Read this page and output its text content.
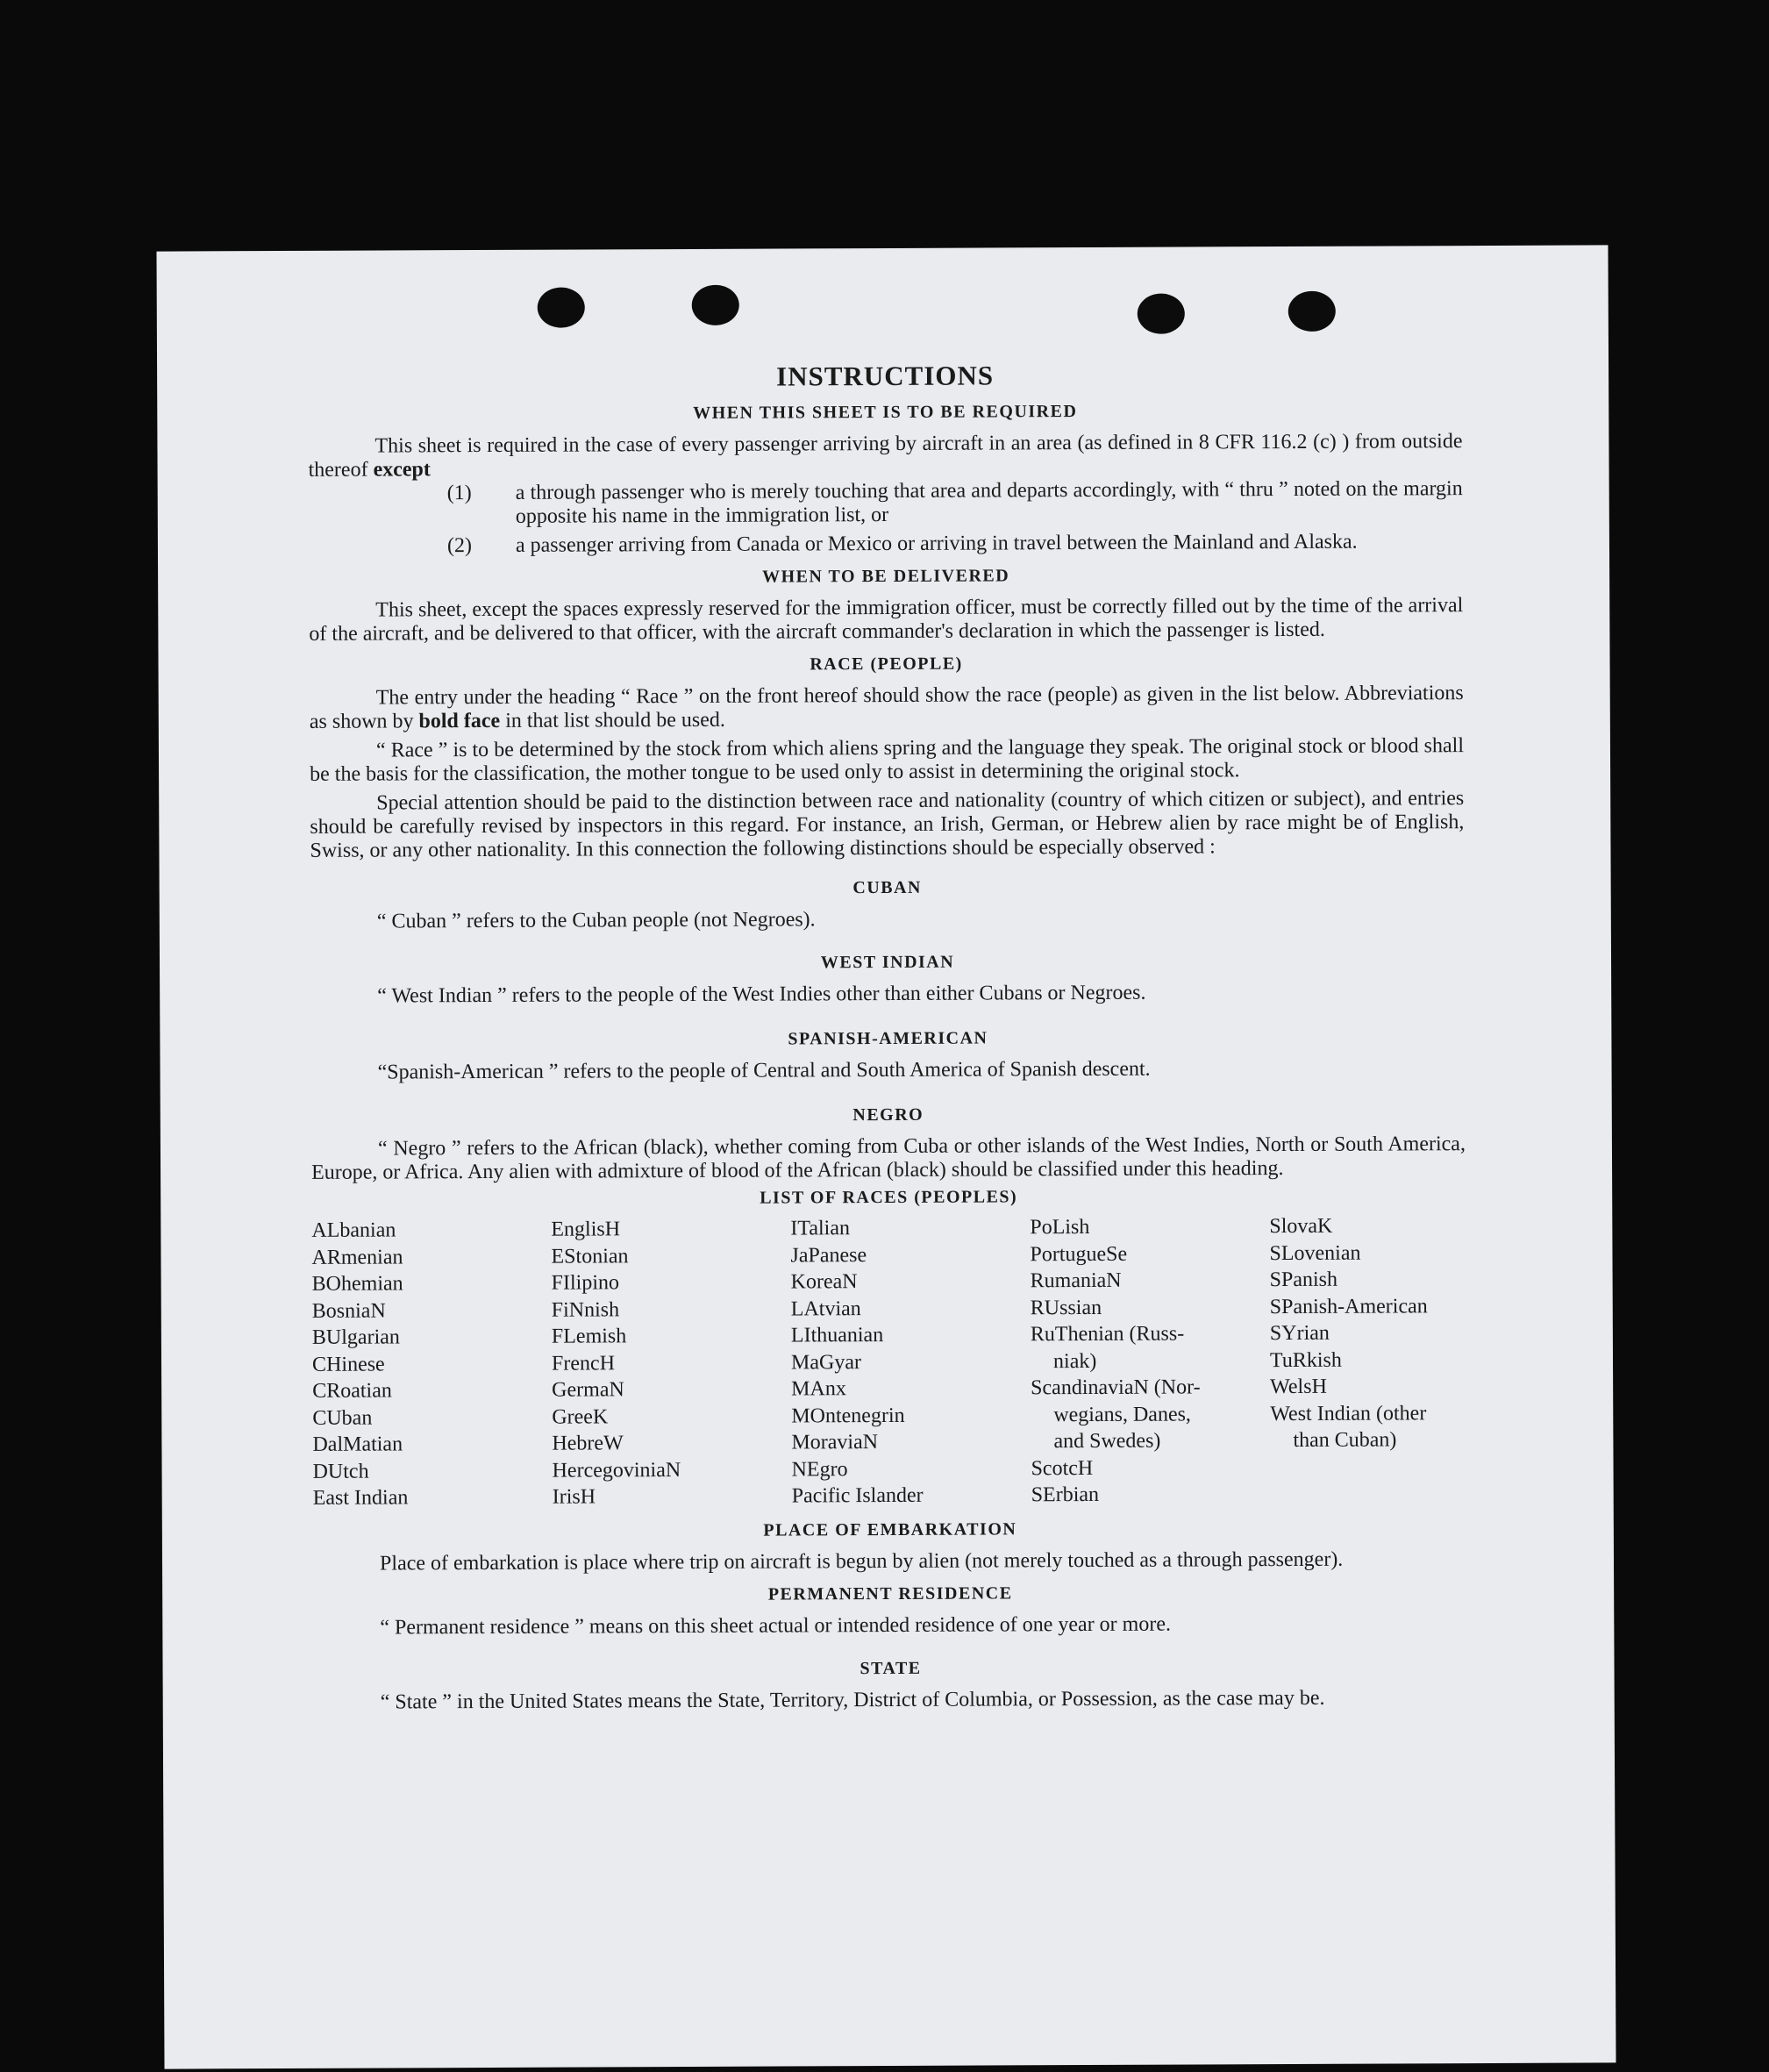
INSTRUCTIONS
WHEN THIS SHEET IS TO BE REQUIRED

This sheet is required in the case of every passenger arriving by aircraft in an area (as defined in 8 CFR 116.2 (c) ) from outside thereof except

(1) a through passenger who is merely touching that area and departs accordingly, with “ thru ” noted on the margin opposite his name in the immigration list, or

(2) a passenger arriving from Canada or Mexico or arriving in travel between the Mainland and Alaska.

WHEN TO BE DELIVERED

This sheet, except the spaces expressly reserved for the immigration officer, must be correctly filled out by the time of the arrival of the aircraft, and be delivered to that officer, with the aircraft commander's declaration in which the passenger is listed.

RACE (PEOPLE)

The entry under the heading “ Race ” on the front hereof should show the race (people) as given in the list below. Abbreviations as shown by bold face in that list should be used.

“ Race ” is to be determined by the stock from which aliens spring and the language they speak. The original stock or blood shall be the basis for the classification, the mother tongue to be used only to assist in determining the original stock.

Special attention should be paid to the distinction between race and nationality (country of which citizen or subject), and entries should be carefully revised by inspectors in this regard. For instance, an Irish, German, or Hebrew alien by race might be of English, Swiss, or any other nationality. In this connection the following distinctions should be especially observed :

CUBAN

“ Cuban ” refers to the Cuban people (not Negroes).

WEST INDIAN

“ West Indian ” refers to the people of the West Indies other than either Cubans or Negroes.

SPANISH-AMERICAN

“Spanish-American ” refers to the people of Central and South America of Spanish descent.

NEGRO

“ Negro ” refers to the African (black), whether coming from Cuba or other islands of the West Indies, North or South America, Europe, or Africa. Any alien with admixture of blood of the African (black) should be classified under this heading.

LIST OF RACES (PEOPLES)
ALbanian
ARmenian
BOhemian
BosniaN
BUlgarian
CHinese
CRoatian
CUban
DalMatian
DUtch
East Indian
EnglisH
EStonian
FIlipino
FiNnish
FLemish
FrencH
GermaN
GreeK
HebreW
HercegoviniaN
IrisH
ITalian
JaPanese
KoreaN
LAtvian
LIthuanian
MaGyar
MAnx
MOntenegrin
MoraviaN
NEgro
Pacific Islander
PoLish
PortugueSe
RumaniaN
RUssian
RuThenian (Russ-
niak)
ScandinaviaN (Nor-
wegians, Danes,
and Swedes)
ScotcH
SErbian
SlovaK
SLovenian
SPanish
SPanish-American
SYrian
TuRkish
WelsH
West Indian (other
than Cuban)
PLACE OF EMBARKATION

Place of embarkation is place where trip on aircraft is begun by alien (not merely touched as a through passenger).

PERMANENT RESIDENCE

“ Permanent residence ” means on this sheet actual or intended residence of one year or more.

STATE

“ State ” in the United States means the State, Territory, District of Columbia, or Possession, as the case may be.
